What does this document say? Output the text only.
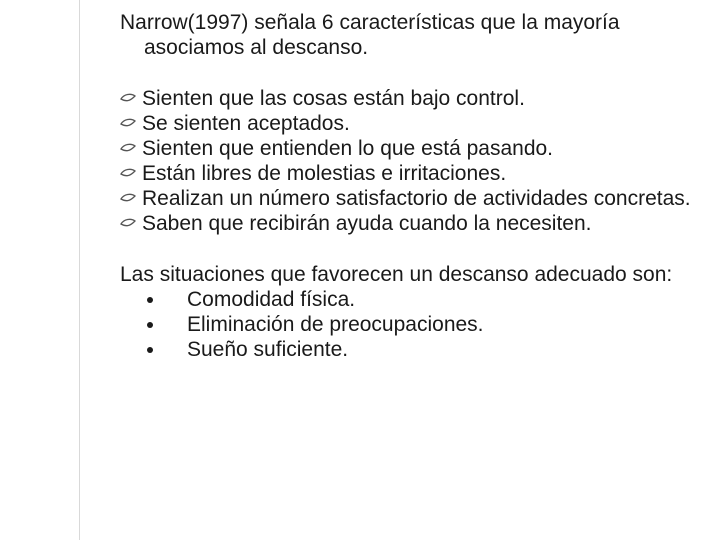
Narrow(1997) señala 6 características que la mayoría asociamos al descanso.

Sienten que las cosas están bajo control.
Se sienten aceptados.
Sienten que entienden lo que está pasando.
Están libres de molestias e irritaciones.
Realizan un número satisfactorio de actividades concretas.
Saben que recibirán ayuda cuando la necesiten.

Las situaciones que favorecen un descanso adecuado son:

Comodidad física.
Eliminación de preocupaciones.
Sueño suficiente.
